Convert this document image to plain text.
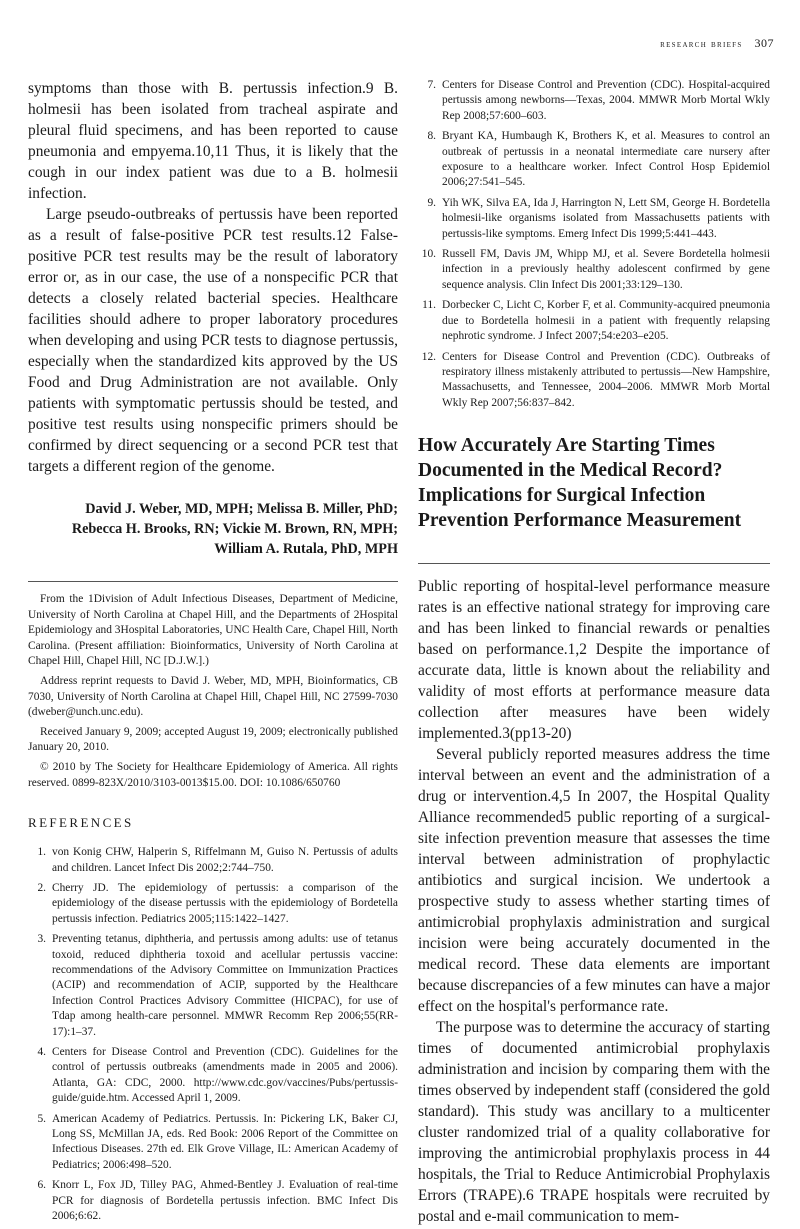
research briefs 307

symptoms than those with B. pertussis infection.9 B. holmesii has been isolated from tracheal aspirate and pleural fluid specimens, and has been reported to cause pneumonia and empyema.10,11 Thus, it is likely that the cough in our index patient was due to a B. holmesii infection.

Large pseudo-outbreaks of pertussis have been reported as a result of false-positive PCR test results.12 False-positive PCR test results may be the result of laboratory error or, as in our case, the use of a nonspecific PCR that detects a closely related bacterial species. Healthcare facilities should adhere to proper laboratory procedures when developing and using PCR tests to diagnose pertussis, especially when the standardized kits approved by the US Food and Drug Administration are not available. Only patients with symptomatic pertussis should be tested, and positive test results using nonspecific primers should be confirmed by direct sequencing or a second PCR test that targets a different region of the genome.

David J. Weber, MD, MPH; Melissa B. Miller, PhD;
Rebecca H. Brooks, RN; Vickie M. Brown, RN, MPH;
William A. Rutala, PhD, MPH

From the 1Division of Adult Infectious Diseases, Department of Medicine, University of North Carolina at Chapel Hill, and the Departments of 2Hospital Epidemiology and 3Hospital Laboratories, UNC Health Care, Chapel Hill, North Carolina. (Present affiliation: Bioinformatics, University of North Carolina at Chapel Hill, Chapel Hill, NC [D.J.W.].)

Address reprint requests to David J. Weber, MD, MPH, Bioinformatics, CB 7030, University of North Carolina at Chapel Hill, Chapel Hill, NC 27599-7030 (dweber@unch.unc.edu).

Received January 9, 2009; accepted August 19, 2009; electronically published January 20, 2010.

© 2010 by The Society for Healthcare Epidemiology of America. All rights reserved. 0899-823X/2010/3103-0013$15.00. DOI: 10.1086/650760

REFERENCES
1. von Konig CHW, Halperin S, Riffelmann M, Guiso N. Pertussis of adults and children. Lancet Infect Dis 2002;2:744–750.
2. Cherry JD. The epidemiology of pertussis: a comparison of the epidemiology of the disease pertussis with the epidemiology of Bordetella pertussis infection. Pediatrics 2005;115:1422–1427.
3. Preventing tetanus, diphtheria, and pertussis among adults: use of tetanus toxoid, reduced diphtheria toxoid and acellular pertussis vaccine: recommendations of the Advisory Committee on Immunization Practices (ACIP) and recommendation of ACIP, supported by the Healthcare Infection Control Practices Advisory Committee (HICPAC), for use of Tdap among health-care personnel. MMWR Recomm Rep 2006;55(RR-17):1–37.
4. Centers for Disease Control and Prevention (CDC). Guidelines for the control of pertussis outbreaks (amendments made in 2005 and 2006). Atlanta, GA: CDC, 2000. http://www.cdc.gov/vaccines/Pubs/pertussis-guide/guide.htm. Accessed April 1, 2009.
5. American Academy of Pediatrics. Pertussis. In: Pickering LK, Baker CJ, Long SS, McMillan JA, eds. Red Book: 2006 Report of the Committee on Infectious Diseases. 27th ed. Elk Grove Village, IL: American Academy of Pediatrics; 2006:498–520.
6. Knorr L, Fox JD, Tilley PAG, Ahmed-Bentley J. Evaluation of real-time PCR for diagnosis of Bordetella pertussis infection. BMC Infect Dis 2006;6:62.
7. Centers for Disease Control and Prevention (CDC). Hospital-acquired pertussis among newborns—Texas, 2004. MMWR Morb Mortal Wkly Rep 2008;57:600–603.
8. Bryant KA, Humbaugh K, Brothers K, et al. Measures to control an outbreak of pertussis in a neonatal intermediate care nursery after exposure to a healthcare worker. Infect Control Hosp Epidemiol 2006;27:541–545.
9. Yih WK, Silva EA, Ida J, Harrington N, Lett SM, George H. Bordetella holmesii-like organisms isolated from Massachusetts patients with pertussis-like symptoms. Emerg Infect Dis 1999;5:441–443.
10. Russell FM, Davis JM, Whipp MJ, et al. Severe Bordetella holmesii infection in a previously healthy adolescent confirmed by gene sequence analysis. Clin Infect Dis 2001;33:129–130.
11. Dorbecker C, Licht C, Korber F, et al. Community-acquired pneumonia due to Bordetella holmesii in a patient with frequently relapsing nephrotic syndrome. J Infect 2007;54:e203–e205.
12. Centers for Disease Control and Prevention (CDC). Outbreaks of respiratory illness mistakenly attributed to pertussis—New Hampshire, Massachusetts, and Tennessee, 2004–2006. MMWR Morb Mortal Wkly Rep 2007;56:837–842.
How Accurately Are Starting Times Documented in the Medical Record? Implications for Surgical Infection Prevention Performance Measurement

Public reporting of hospital-level performance measure rates is an effective national strategy for improving care and has been linked to financial rewards or penalties based on performance.1,2 Despite the importance of accurate data, little is known about the reliability and validity of most efforts at performance measure data collection after measures have been widely implemented.3(pp13-20)

Several publicly reported measures address the time interval between an event and the administration of a drug or intervention.4,5 In 2007, the Hospital Quality Alliance recommended5 public reporting of a surgical-site infection prevention measure that assesses the time interval between administration of prophylactic antibiotics and surgical incision. We undertook a prospective study to assess whether starting times of antimicrobial prophylaxis administration and surgical incision were being accurately documented in the medical record. These data elements are important because discrepancies of a few minutes can have a major effect on the hospital's performance rate.

The purpose was to determine the accuracy of starting times of documented antimicrobial prophylaxis administration and incision by comparing them with the times observed by independent staff (considered the gold standard). This study was ancillary to a multicenter cluster randomized trial of a quality collaborative for improving the antimicrobial prophylaxis process in 44 hospitals, the Trial to Reduce Antimicrobial Prophylaxis Errors (TRAPE).6 TRAPE hospitals were recruited by postal and e-mail communication to mem-
